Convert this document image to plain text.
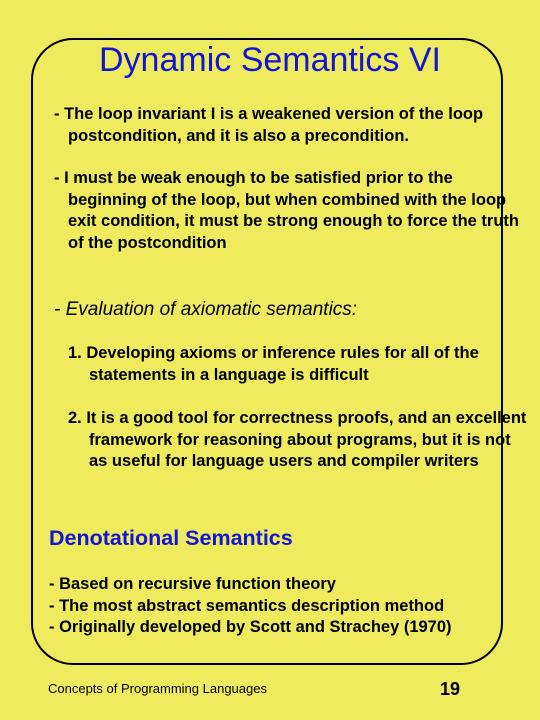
Dynamic Semantics VI

- The loop invariant I is a weakened version of the loop postcondition, and it is also a precondition.

- I must be weak enough to be satisfied prior to the beginning of the loop, but when combined with the loop exit condition, it must be strong enough to force the truth of the postcondition

- Evaluation of axiomatic semantics:

1. Developing axioms or inference rules for all of the statements in a language is difficult

2. It is a good tool for correctness proofs, and an excellent framework for reasoning about programs, but it is not as useful for language users and compiler writers

Denotational Semantics
- Based on recursive function theory
- The most abstract semantics description method
- Originally developed by Scott and Strachey (1970)

Concepts of Programming Languages	19
